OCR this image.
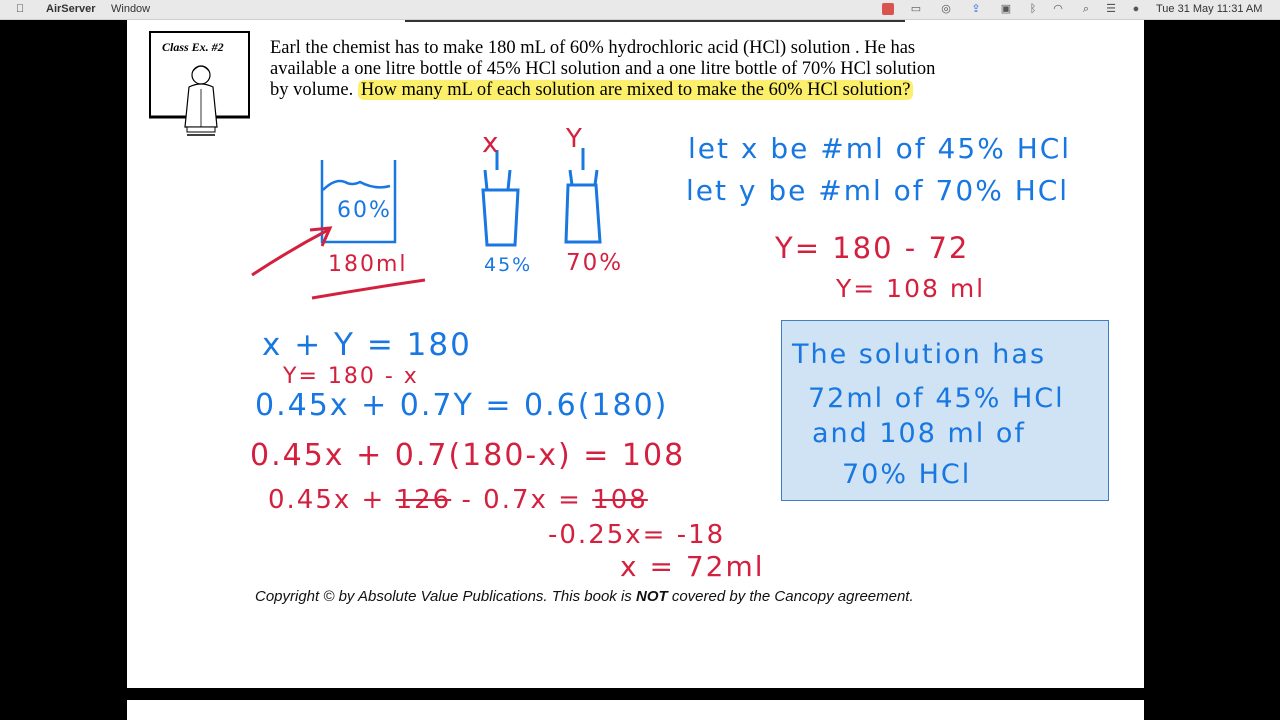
AirServer Window	▭ ◎ ⇪ ▣ ᛒ ◠ ⌕ ☰ ● Tue 31 May 11:31 AM
Class Ex. #2	Earl the chemist has to make 180 mL of 60% hydrochloric acid (HCl) solution . He has
available a one litre bottle of 45% HCl solution and a one litre bottle of 70% HCl solution
by volume. How many mL of each solution are mixed to make the 60% HCl solution?
60%
180ml
x	Y
45% 70%
let x be #ml of 45% HCl
let y be #ml of 70% HCl
Y= 180 - 72
Y= 108 ml
x + Y = 180
Y= 180 - x
0.45x + 0.7Y = 0.6(180)
0.45x + 0.7(180-x) = 108
0.45x + 126 - 0.7x = 108
-0.25x= -18
x = 72ml
The solution has
72ml of 45% HCl
and 108 ml of
70% HCl
Copyright © by Absolute Value Publications. This book is NOT covered by the Cancopy agreement.
